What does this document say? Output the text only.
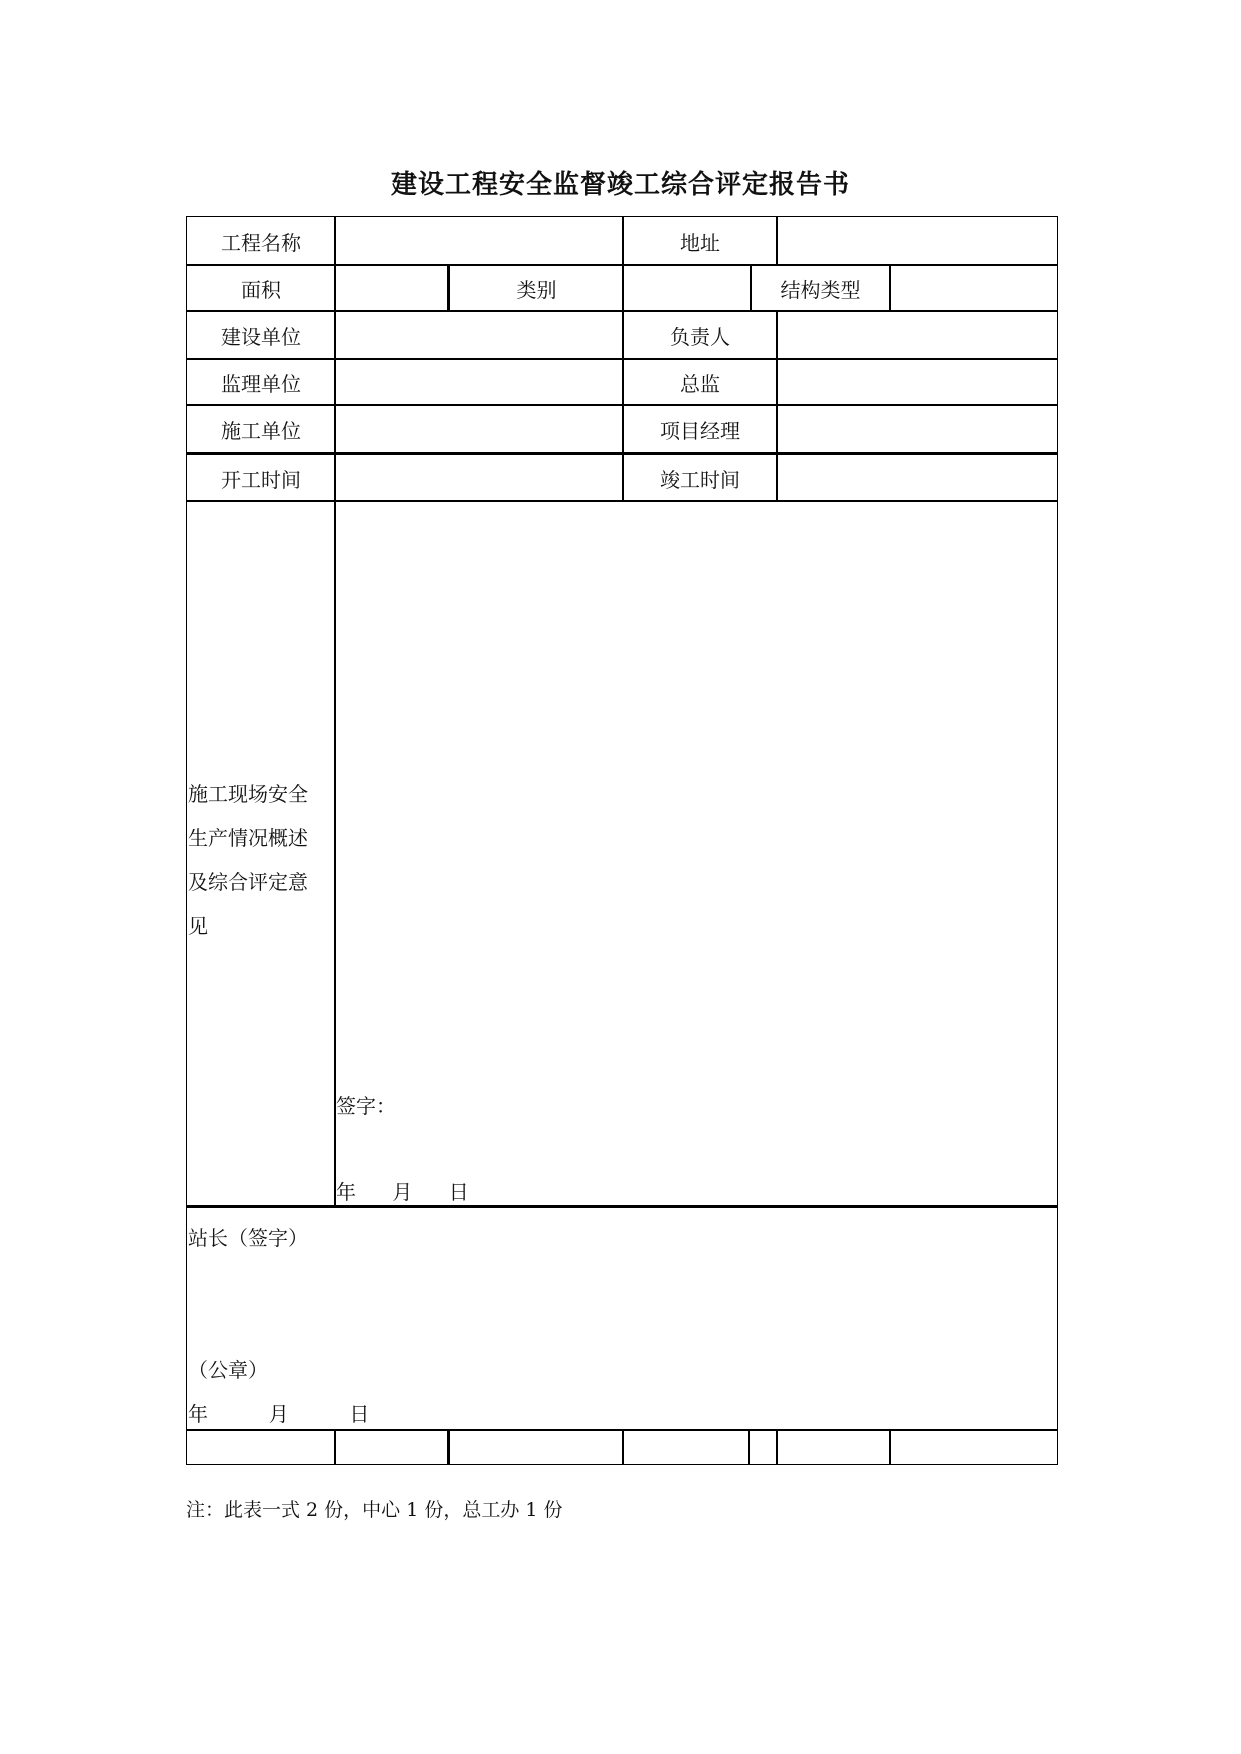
建设工程安全监督竣工综合评定报告书
工程名称	地址
面积	类别	结构类型
建设单位	负责人
监理单位	总监
施工单位	项目经理
开工时间	竣工时间
施工现场安全
生产情况概述
及综合评定意
见
签字：
年　 月 　日
站长（签字）
（公章）
年 　 月 　 日
注：此表一式 2 份，中心 1 份，总工办 1 份
